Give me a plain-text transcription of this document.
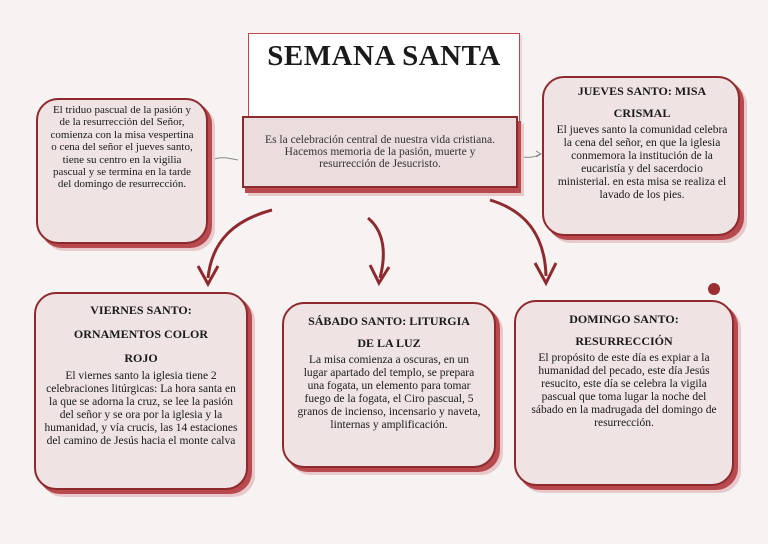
SEMANA SANTA

Es la celebración central de nuestra vida cristiana. Hacemos memoria de la pasión, muerte y resurrección de Jesucristo.

El triduo pascual de la pasión y de la resurrección del Señor, comienza con la misa vespertina o cena del señor el jueves santo, tiene su centro en la vigilia pascual y se termina en la tarde del domingo de resurrección.

JUEVES SANTO: MISA CRISMAL

El jueves santo la comunidad celebra la cena del señor, en que la iglesia conmemora la institución de la eucaristía y del sacerdocio ministerial. en esta misa se realiza el lavado de los pies.

VIERNES SANTO: ORNAMENTOS COLOR ROJO

El viernes santo la iglesia tiene 2 celebraciones litúrgicas: La hora santa en la que se adorna la cruz, se lee la pasión del señor y se ora por la iglesia y la humanidad, y vía crucis, las 14 estaciones del camino de Jesús hacia el monte calva

SÁBADO SANTO: LITURGIA DE LA LUZ

La misa comienza a oscuras, en un lugar apartado del templo, se prepara una fogata, un elemento para tomar fuego de la fogata, el Ciro pascual, 5 granos de incienso, incensario y naveta, linternas y amplificación.

DOMINGO SANTO: RESURRECCIÓN

El propósito de este día es expiar a la humanidad del pecado, este día Jesús resucito, este día se celebra la vigila pascual que toma lugar la noche del sábado en la madrugada del domingo de resurrección.
